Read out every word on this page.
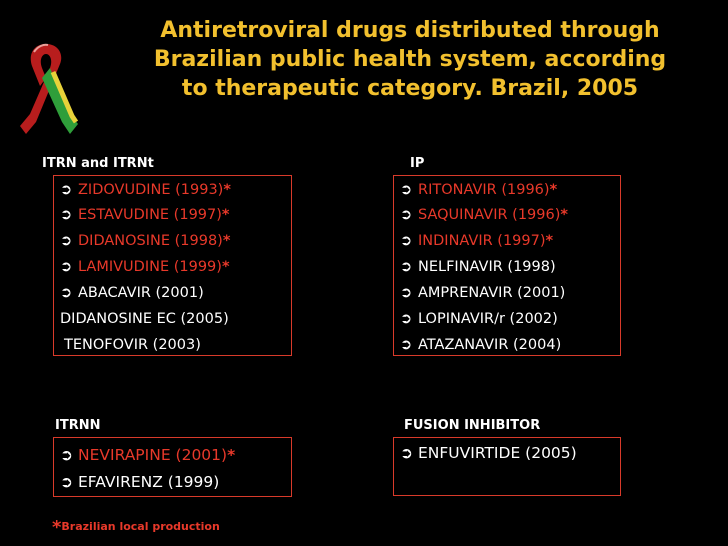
Antiretroviral drugs distributed through
Brazilian public health system, according
to therapeutic category. Brazil, 2005
ITRN and ITRNt
➲ ZIDOVUDINE (1993)*
➲ ESTAVUDINE (1997)*
➲ DIDANOSINE (1998)*
➲ LAMIVUDINE (1999)*
➲ ABACAVIR (2001)
DIDANOSINE EC (2005)
TENOFOVIR (2003)
IP
➲ RITONAVIR (1996)*
➲ SAQUINAVIR (1996)*
➲ INDINAVIR (1997)*
➲ NELFINAVIR (1998)
➲ AMPRENAVIR (2001)
➲ LOPINAVIR/r (2002)
➲ ATAZANAVIR (2004)
ITRNN
➲ NEVIRAPINE (2001)*
➲ EFAVIRENZ (1999)
FUSION INHIBITOR
➲ ENFUVIRTIDE (2005)
*Brazilian local production
